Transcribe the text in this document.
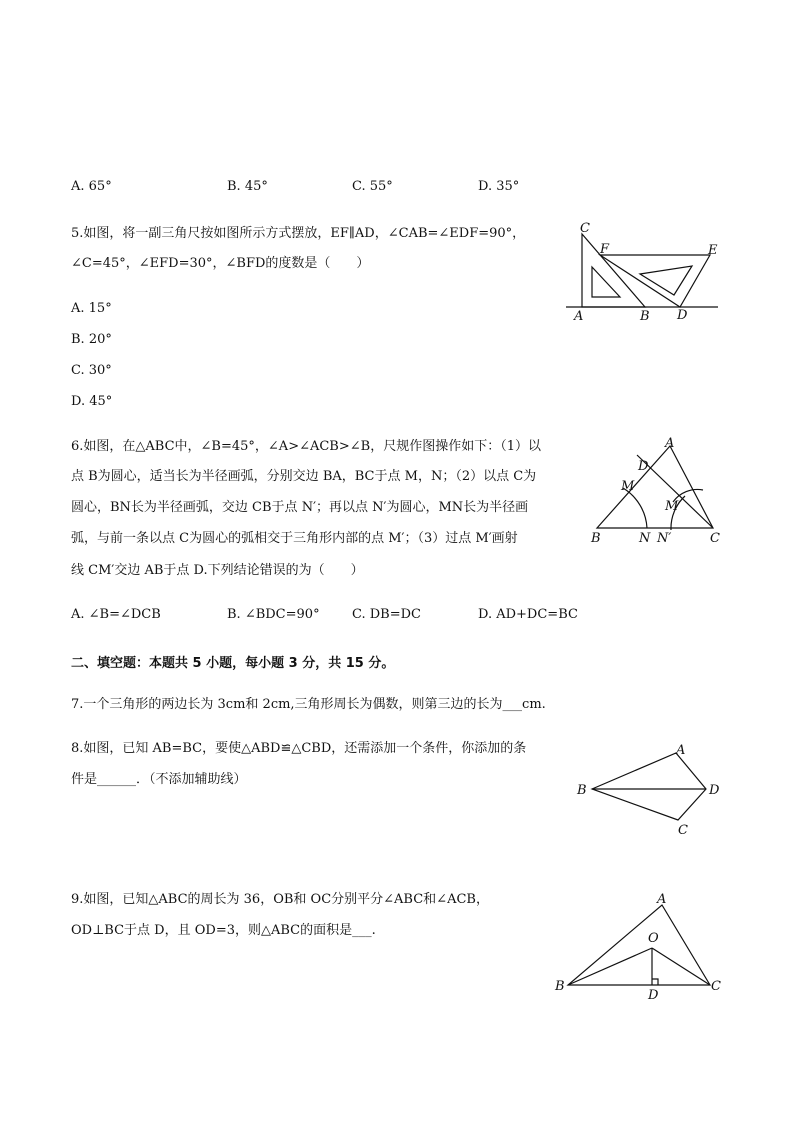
A. 65°	B. 45°	C. 55°	D. 35°
5.如图，将一副三角尺按如图所示方式摆放，EF∥AD，∠CAB=∠EDF=90°，
∠C=45°，∠EFD=30°，∠BFD的度数是（　　）
A. 15°
B. 20°
C. 30°
D. 45°
C
F	E
A	B D
6.如图，在△ABC中，∠B=45°，∠A>∠ACB>∠B，尺规作图操作如下：（1）以
点 B为圆心，适当长为半径画弧，分别交边 BA，BC于点 M，N；（2）以点 C为
圆心，BN长为半径画弧，交边 CB于点 N′；再以点 N′为圆心，MN长为半径画
弧，与前一条以点 C为圆心的弧相交于三角形内部的点 M′；（3）过点 M′画射
线 CM′交边 AB于点 D.下列结论错误的为（　　）
A. ∠B=∠DCB	B. ∠BDC=90° C. DB=DC	D. AD+DC=BC
A
D
M
M′
B	N N′	C
二、填空题：本题共 5 小题，每小题 3 分，共 15 分。
7.一个三角形的两边长为 3cm和 2cm,三角形周长为偶数，则第三边的长为___cm.
8.如图，已知 AB=BC，要使△ABD≌△CBD，还需添加一个条件，你添加的条
件是______．（不添加辅助线）
A
B	D
C
9.如图，已知△ABC的周长为 36，OB和 OC分别平分∠ABC和∠ACB，
OD⊥BC于点 D，且 OD=3，则△ABC的面积是___.
A
O
B
D
C
